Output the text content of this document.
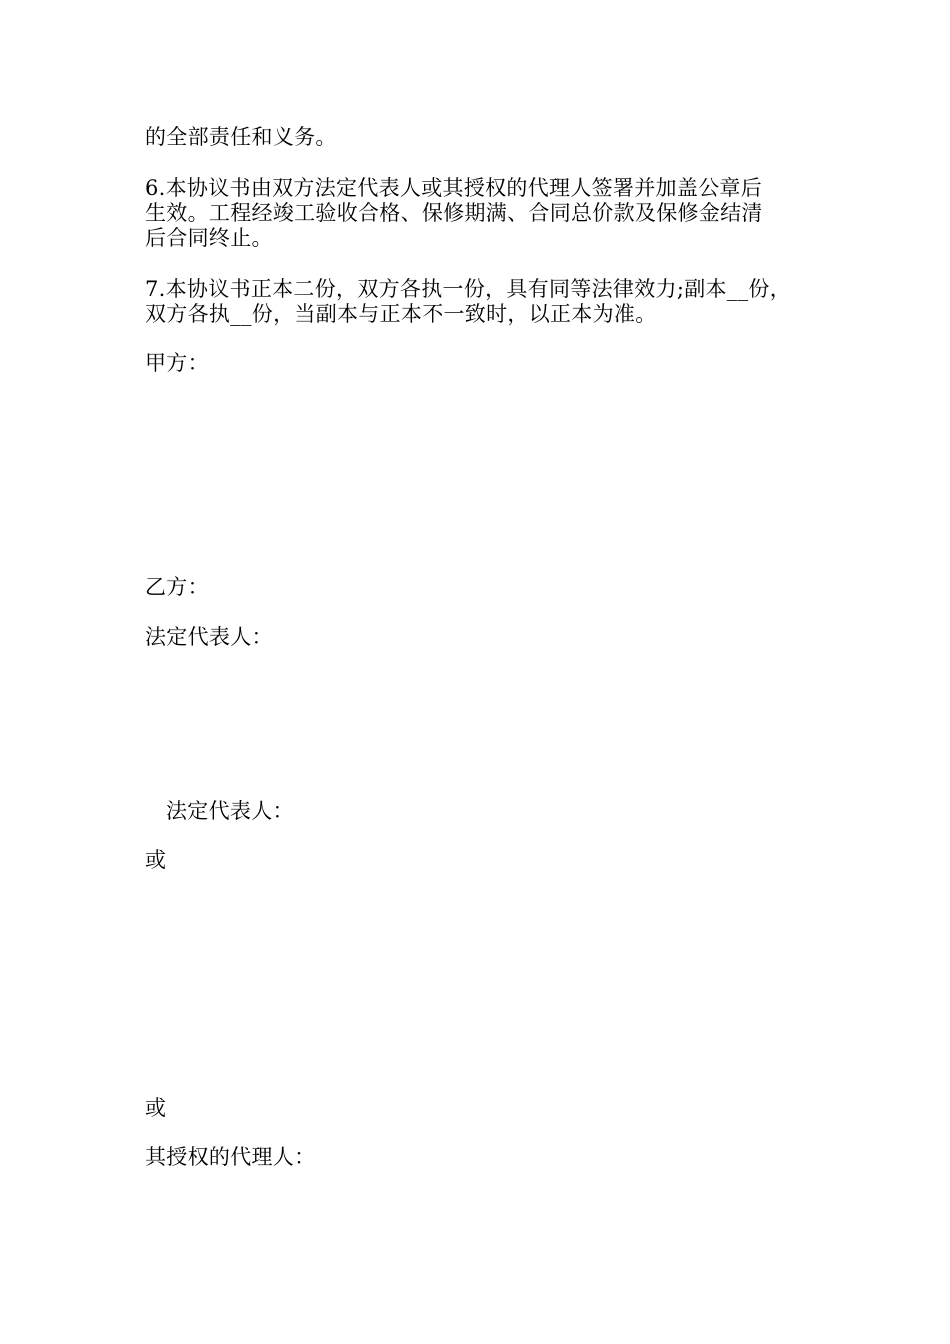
的全部责任和义务。
6.本协议书由双方法定代表人或其授权的代理人签署并加盖公章后
生效。工程经竣工验收合格、保修期满、合同总价款及保修金结清
后合同终止。
7.本协议书正本二份，双方各执一份，具有同等法律效力;副本__份，
双方各执__份，当副本与正本不一致时，以正本为准。
甲方：
乙方：
法定代表人：
法定代表人：
或
或
其授权的代理人：
